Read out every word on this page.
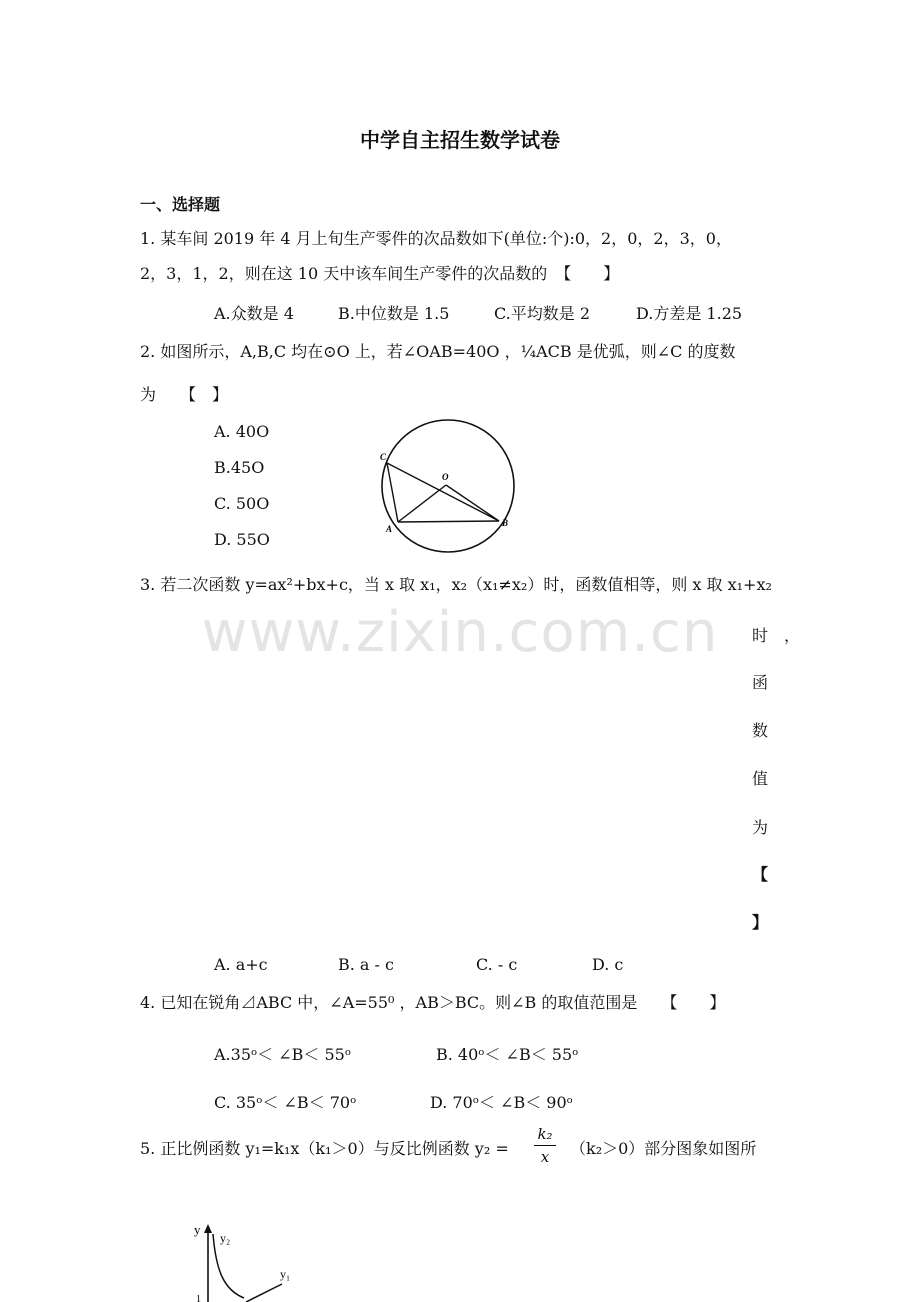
中学自主招生数学试卷
www.zixin.com.cn
一、选择题
1. 某车间 2019 年 4 月上旬生产零件的次品数如下(单位:个):0，2，0，2，3，0，
2，3，1，2，则在这 10 天中该车间生产零件的次品数的　【　　】
A.众数是 4	B.中位数是 1.5	C.平均数是 2	D.方差是 1.25
2. 如图所示，A,B,C 均在⊙O 上，若∠OAB=40O ，¼ACB 是优弧，则∠C 的度数
为　　【　】
A. 40O
B.45O
C. 50O
D. 55O
C
O
A
B
3. 若二次函数 y=ax²+bx+c，当 x 取 x₁，x₂（x₁≠x₂）时，函数值相等，则 x 取 x₁+x₂
时　，
函
数
值
为
【
】
A. a+c	B. a - c	C. - c	D. c
4. 已知在锐角⊿ABC 中，∠A=55⁰ ，AB＞BC。则∠B 的取值范围是　　【　　】
A.35ᵒ＜ ∠B＜ 55ᵒ	B. 40ᵒ＜ ∠B＜ 55ᵒ
C. 35ᵒ＜ ∠B＜ 70ᵒ	D. 70ᵒ＜ ∠B＜ 90ᵒ
5. 正比例函数 y₁=k₁x（k₁＞0）与反比例函数 y₂ =
k₂
x	（k₂＞0）部分图象如图所
y
y₂
y₁
1
